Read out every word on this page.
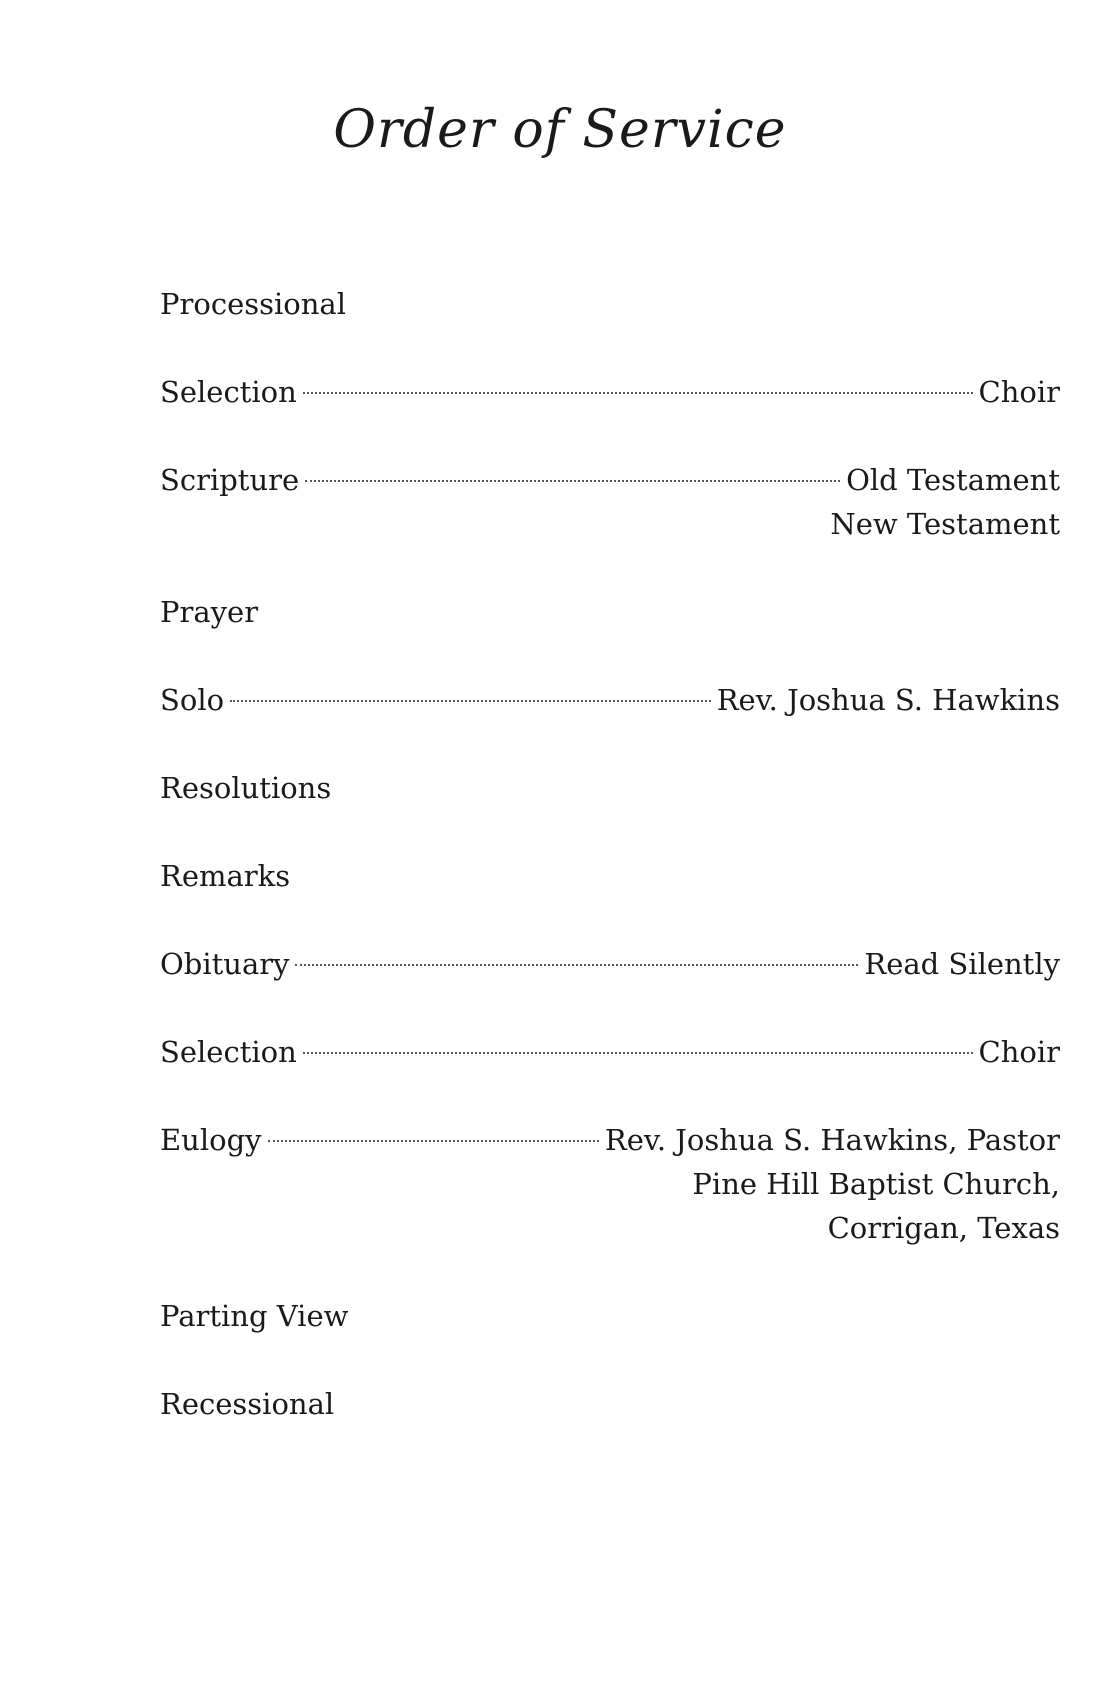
Order of Service
Processional
Selection	Choir
Scripture	Old Testament
New Testament
Prayer
Solo	Rev. Joshua S. Hawkins
Resolutions
Remarks
Obituary	Read Silently
Selection	Choir
Eulogy	Rev. Joshua S. Hawkins, Pastor
Pine Hill Baptist Church,
Corrigan, Texas
Parting View
Recessional
